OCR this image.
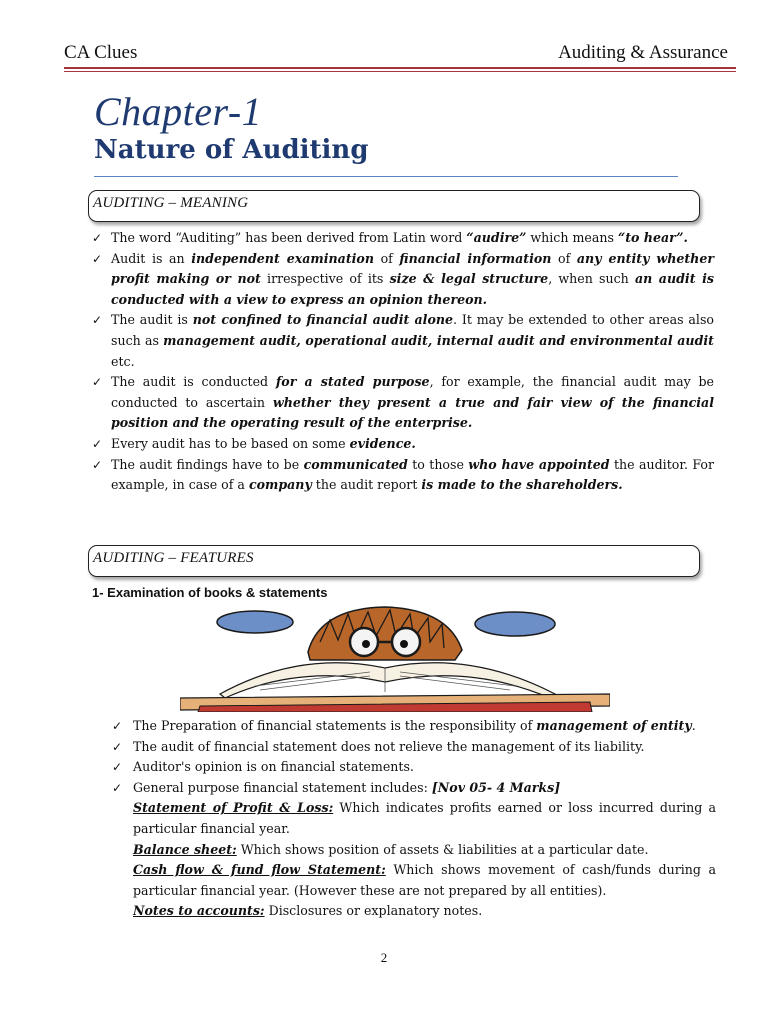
CA Clues	Auditing & Assurance
Chapter-1
Nature of Auditing
AUDITING – MEANING
✓ The word “Auditing” has been derived from Latin word “audire” which means “to hear”.
✓ Audit is an independent examination of financial information of any entity whether profit making or not irrespective of its size & legal structure, when such an audit is conducted with a view to express an opinion thereon.
✓ The audit is not confined to financial audit alone. It may be extended to other areas also such as management audit, operational audit, internal audit and environmental audit etc.
✓ The audit is conducted for a stated purpose, for example, the financial audit may be conducted to ascertain whether they present a true and fair view of the financial position and the operating result of the enterprise.
✓ Every audit has to be based on some evidence.
✓ The audit findings have to be communicated to those who have appointed the auditor. For example, in case of a company the audit report is made to the shareholders.
AUDITING – FEATURES
1- Examination of books & statements
✓ The Preparation of financial statements is the responsibility of management of entity.
✓ The audit of financial statement does not relieve the management of its liability.
✓ Auditor's opinion is on financial statements.
✓ General purpose financial statement includes: [Nov 05- 4 Marks]
Statement of Profit & Loss: Which indicates profits earned or loss incurred during a particular financial year.
Balance sheet: Which shows position of assets & liabilities at a particular date.
Cash flow & fund flow Statement: Which shows movement of cash/funds during a particular financial year. (However these are not prepared by all entities).
Notes to accounts: Disclosures or explanatory notes.
2
